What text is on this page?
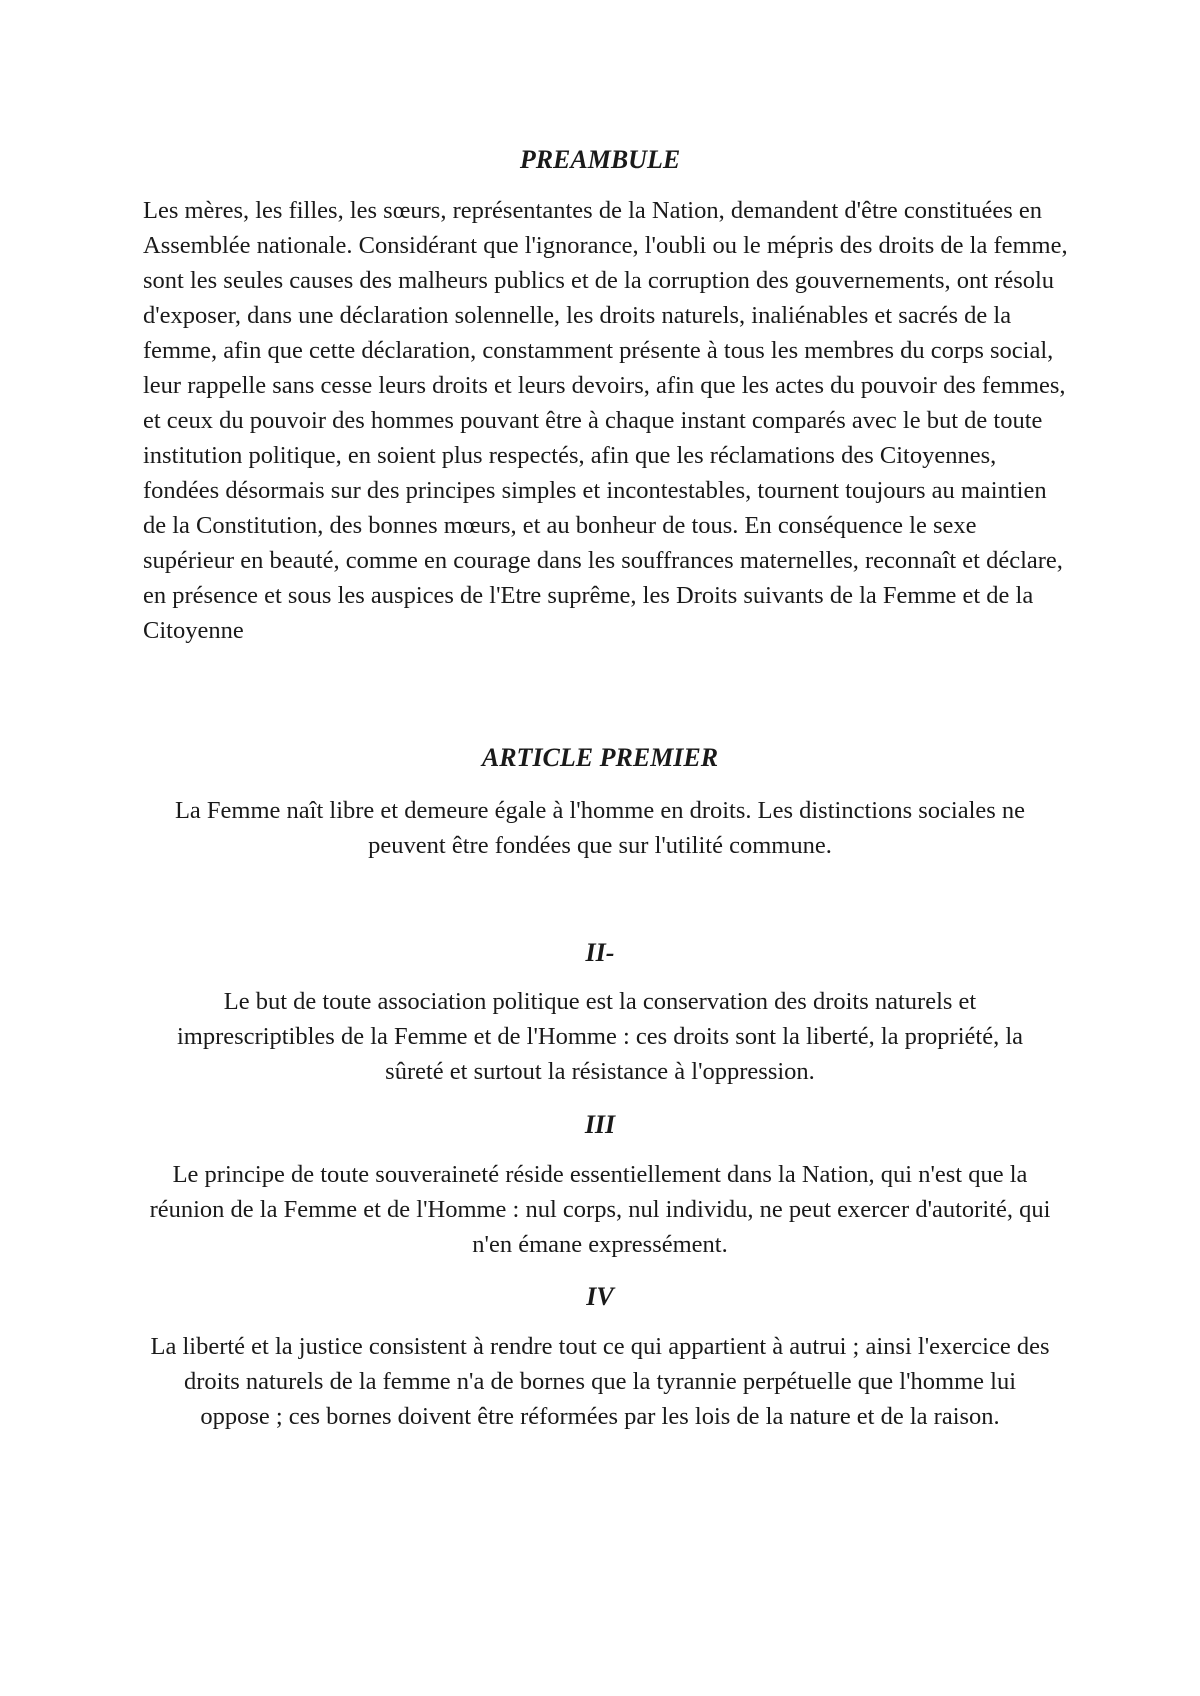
PREAMBULE

Les mères, les filles, les sœurs, représentantes de la Nation, demandent d'être constituées en Assemblée nationale. Considérant que l'ignorance, l'oubli ou le mépris des droits de la femme, sont les seules causes des malheurs publics et de la corruption des gouvernements, ont résolu d'exposer, dans une déclaration solennelle, les droits naturels, inaliénables et sacrés de la femme, afin que cette déclaration, constamment présente à tous les membres du corps social, leur rappelle sans cesse leurs droits et leurs devoirs, afin que les actes du pouvoir des femmes, et ceux du pouvoir des hommes pouvant être à chaque instant comparés avec le but de toute institution politique, en soient plus respectés, afin que les réclamations des Citoyennes, fondées désormais sur des principes simples et incontestables, tournent toujours au maintien de la Constitution, des bonnes mœurs, et au bonheur de tous. En conséquence le sexe supérieur en beauté, comme en courage dans les souffrances maternelles, reconnaît et déclare, en présence et sous les auspices de l'Etre suprême, les Droits suivants de la Femme et de la Citoyenne

ARTICLE PREMIER

La Femme naît libre et demeure égale à l'homme en droits. Les distinctions sociales ne peuvent être fondées que sur l'utilité commune.

II-

Le but de toute association politique est la conservation des droits naturels et imprescriptibles de la Femme et de l'Homme : ces droits sont la liberté, la propriété, la sûreté et surtout la résistance à l'oppression.

III

Le principe de toute souveraineté réside essentiellement dans la Nation, qui n'est que la réunion de la Femme et de l'Homme : nul corps, nul individu, ne peut exercer d'autorité, qui n'en émane expressément.

IV

La liberté et la justice consistent à rendre tout ce qui appartient à autrui ; ainsi l'exercice des droits naturels de la femme n'a de bornes que la tyrannie perpétuelle que l'homme lui oppose ; ces bornes doivent être réformées par les lois de la nature et de la raison.
